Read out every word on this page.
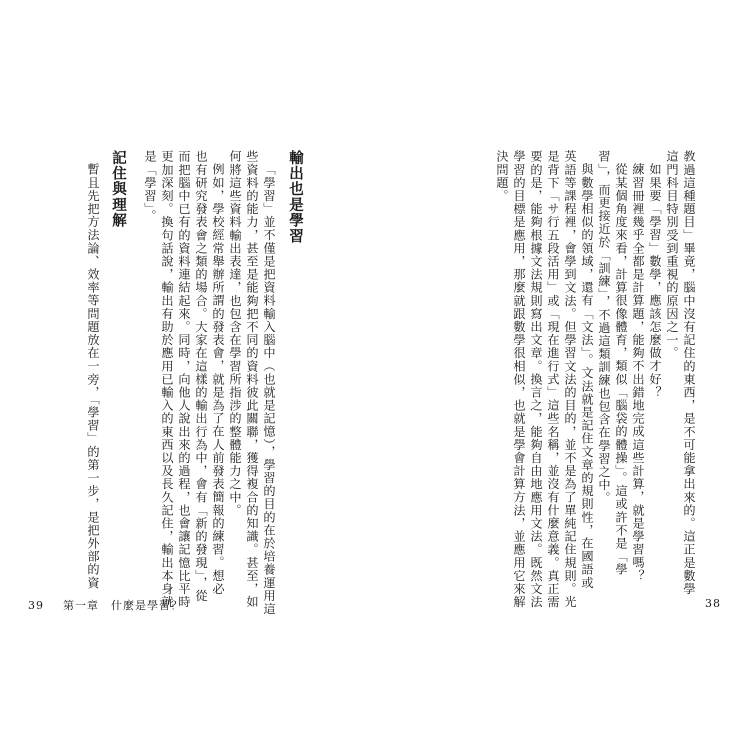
教過這種題目」畢竟，腦中沒有記住的東西，是不可能拿出來的。這正是數學
這門科目特別受到重視的原因之一。
如果要「學習」數學，應該怎麼做才好？
練習冊裡幾乎全都是計算題，能夠不出錯地完成這些計算，就是學習嗎？
從某個角度來看，計算很像體育，類似「腦袋的體操」。這或許不是「學
習」，而更接近於「訓練」，不過這類訓練也包含在學習之中。
與數學相似的領域，還有「文法」。文法就是記住文章的規則性，在國語或
英語等課程裡，會學到文法。但學習文法的目的，並不是為了單純記住規則。光
是背下「サ行五段活用」或「現在進行式」這些名稱，並沒有什麼意義。真正需
要的是，能夠根據文法規則寫出文章。換言之，能夠自由地應用文法。既然文法
學習的目標是應用，那麼就跟數學很相似，也就是學會計算方法，並應用它來解
決問題。
38
輸出也是學習
「學習」並不僅是把資料輸入腦中（也就是記憶），學習的目的在於培養運用這
些資料的能力，甚至是能夠把不同的資料彼此關聯，獲得複合的知識。甚至，如
何將這些資料輸出表達，也包含在學習所指涉的整體能力之中。
例如，學校經常舉辦所謂的發表會，就是為了在人前發表簡報的練習。想必
也有研究發表會之類的場合。大家在這樣的輸出行為中，會有「新的發現」，從
而把腦中已有的資料連結起來。同時，向他人說出來的過程，也會讓記憶比平時
更加深刻。換句話說，輸出有助於應用已輸入的東西以及長久記住，輸出本身就
是「學習」。
記住與理解
暫且先把方法論、效率等問題放在一旁，「學習」的第一步，是把外部的資
39 第一章　什麼是學習？
